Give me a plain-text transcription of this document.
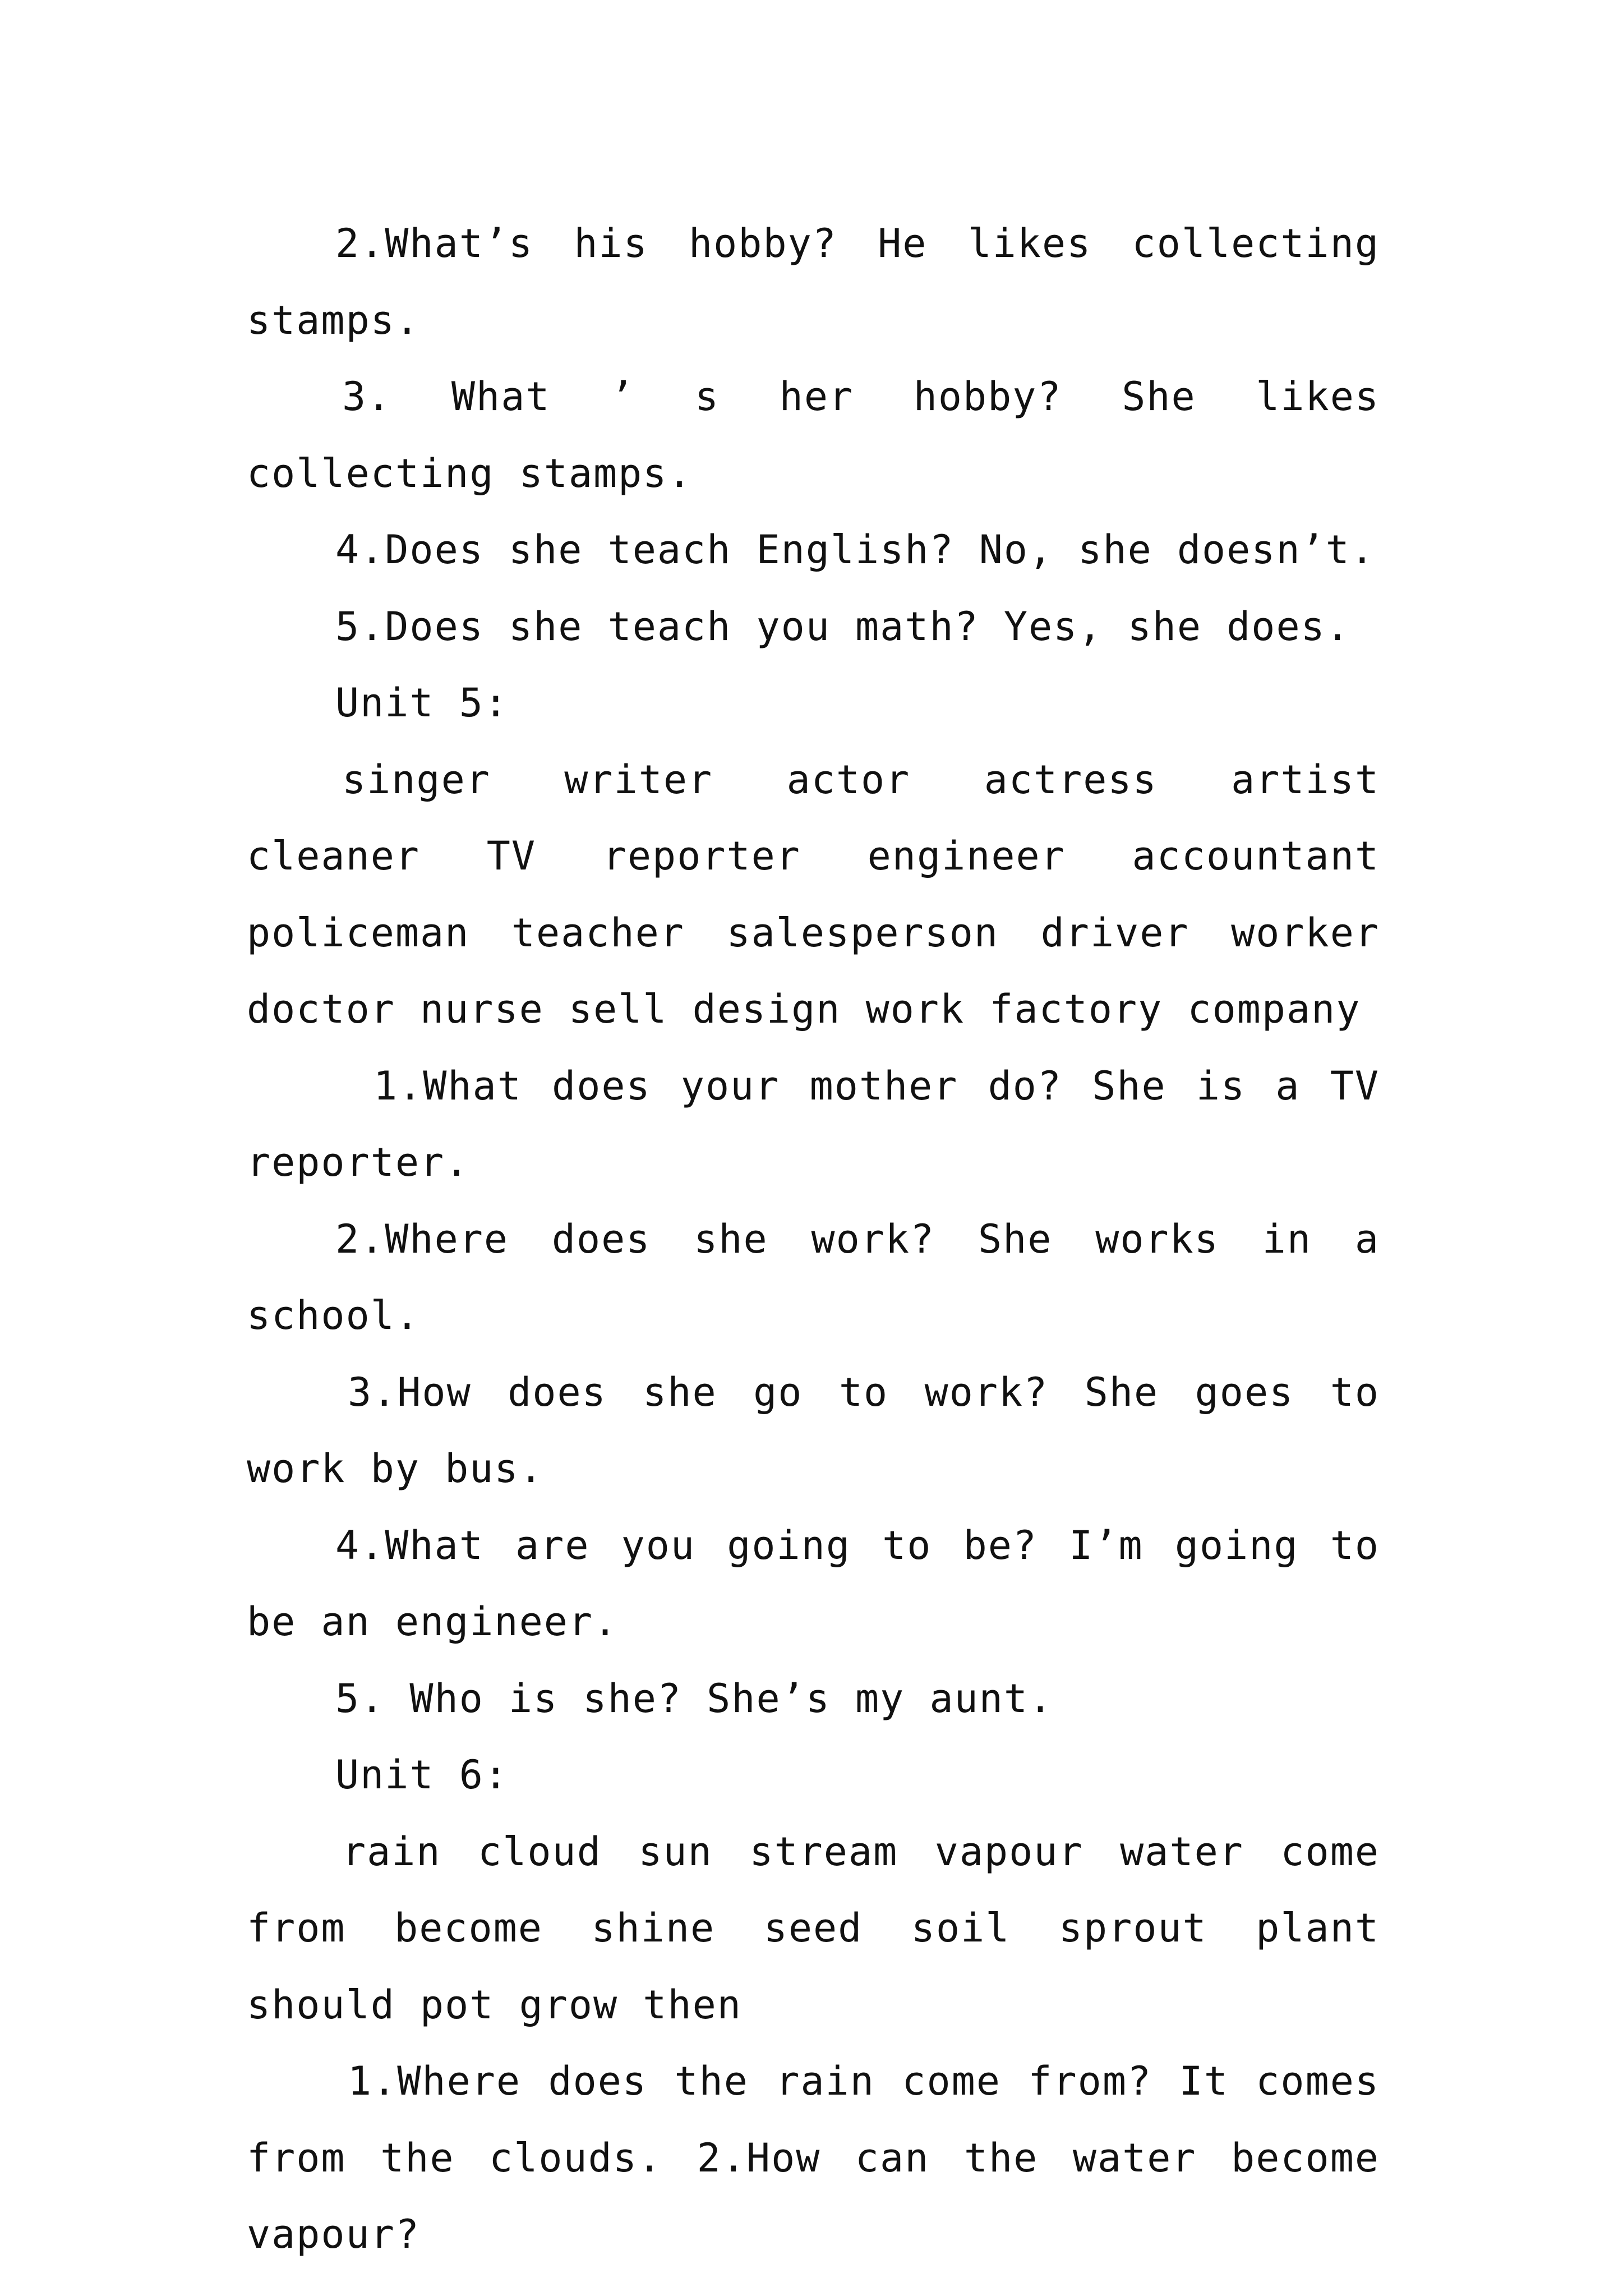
2.What’s his hobby? He likes collecting stamps.

3. What ’ s her hobby? She likes collecting stamps.

4.Does she teach English? No, she doesn’t.

5.Does she teach you math? Yes, she does.

Unit 5:

singer writer actor actress artist cleaner TV reporter engineer accountant policeman teacher salesperson driver worker doctor nurse sell design work factory company

1.What does your mother do? She is a TV reporter.

2.Where does she work? She works in a school.

3.How does she go to work? She goes to work by bus.

4.What are you going to be? I’m going to be an engineer.

5. Who is she? She’s my aunt.

Unit 6:

rain cloud sun stream vapour water come from become shine seed soil sprout plant should pot grow then

1.Where does the rain come from? It comes from the clouds. 2.How can the water become vapour?
